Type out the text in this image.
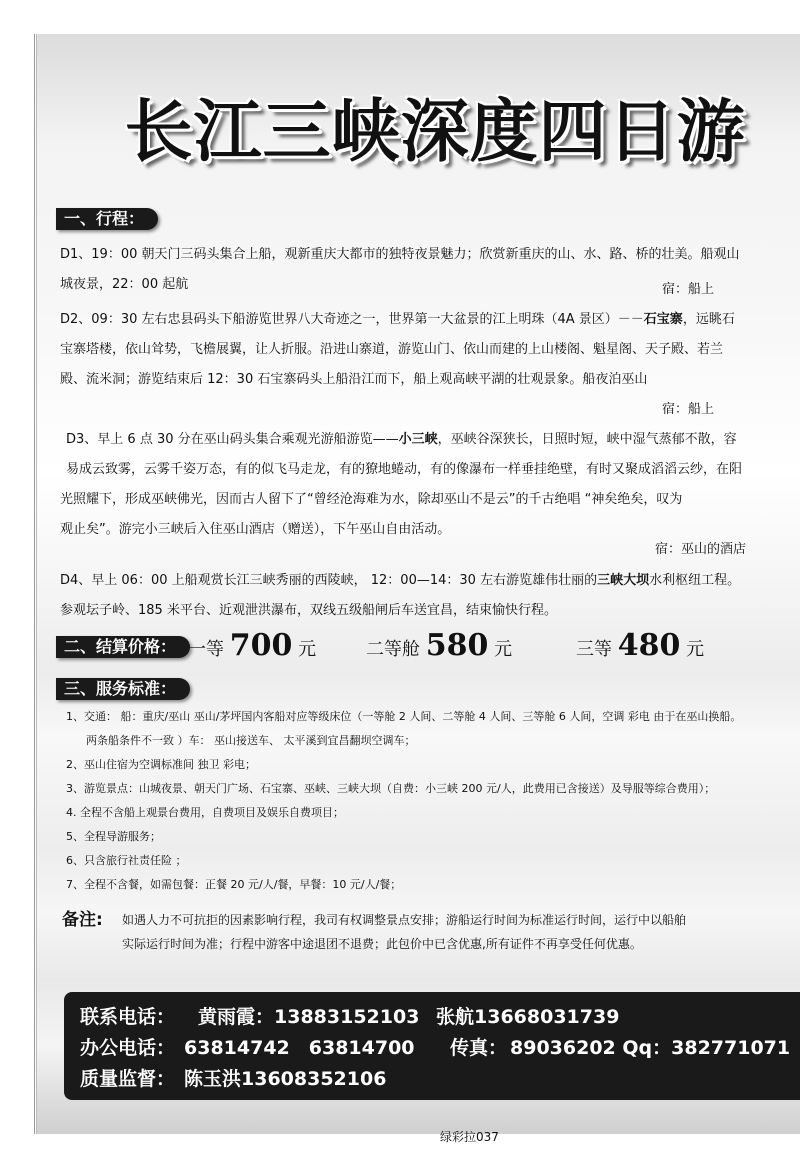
长江三峡深度四日游
一、行程：

D1、19：00 朝天门三码头集合上船，观新重庆大都市的独特夜景魅力；欣赏新重庆的山、水、路、桥的壮美。船观山

城夜景，22：00 起航	宿：船上

D2、09：30 左右忠县码头下船游览世界八大奇迹之一，世界第一大盆景的江上明珠（4A 景区）－－石宝寨，远眺石

宝寨塔楼，依山耸势，飞檐展翼，让人折服。沿进山寨道，游览山门、依山而建的上山楼阁、魁星阁、天子殿、若兰

殿、流米洞；游览结束后 12：30 石宝寨码头上船沿江而下，船上观高峡平湖的壮观景象。船夜泊巫山

宿：船上

D3、早上 6 点 30 分在巫山码头集合乘观光游船游览——小三峡，巫峡谷深狭长，日照时短，峡中湿气蒸郁不散，容

易成云致雾，云雾千姿万态，有的似飞马走龙，有的獠地蜷动，有的像瀑布一样垂挂绝壁，有时又聚成滔滔云纱，在阳

光照耀下，形成巫峡佛光，因而古人留下了“曾经沧海难为水，除却巫山不是云”的千古绝唱 “神矣绝矣，叹为

观止矣”。游完小三峡后入住巫山酒店（赠送），下午巫山自由活动。

宿：巫山的酒店

D4、早上 06：00 上船观赏长江三峡秀丽的西陵峡， 12：00—14：30 左右游览雄伟壮丽的三峡大坝水利枢纽工程。

参观坛子岭、185 米平台、近观泄洪瀑布，双线五级船闸后车送宜昌，结束愉快行程。

二、结算价格： 一等 700 元	二等舱 580 元	三等 480 元
三、服务标准：

1、交通： 船：重庆/巫山 巫山/茅坪国内客船对应等级床位（一等舱 2 人间、二等舱 4 人间、三等舱 6 人间，空调 彩电 由于在巫山换船。

两条船条件不一致 ）车： 巫山接送车、 太平溪到宜昌翻坝空调车；

2、巫山住宿为空调标准间 独卫 彩电；

3、游览景点：山城夜景、朝天门广场、石宝寨、巫峡、三峡大坝（自费：小三峡 200 元/人，此费用已含接送）及导服等综合费用）；

4. 全程不含船上观景台费用，自费项目及娱乐自费项目；

5、全程导游服务；

6、只含旅行社责任险 ；

7、全程不含餐，如需包餐：正餐 20 元/人/餐，早餐：10 元/人/餐；

备注: 如遇人力不可抗拒的因素影响行程，我司有权调整景点安排；游船运行时间为标准运行时间，运行中以船舶

实际运行时间为准；行程中游客中途退团不退费；此包价中已含优惠,所有证件不再享受任何优惠。

联系电话： 黄雨霞：13883152103 张航13668031739
办公电话： 63814742　63814700 传真： 89036202 Qq：382771071
质量监督： 陈玉洪13608352106
绿彩拉037
